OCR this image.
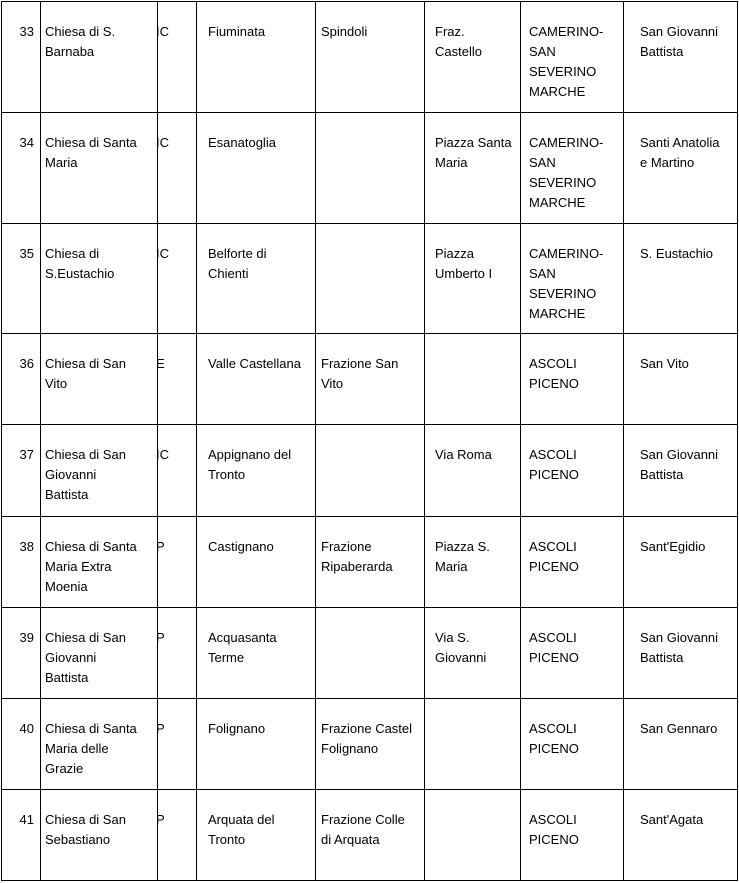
33	Chiesa di S.
Barnaba	IC	Fiuminata	Spindoli	Fraz.
Castello	CAMERINO-
SAN
SEVERINO
MARCHE	San Giovanni
Battista
34	Chiesa di Santa
Maria	IC	Esanatoglia		Piazza Santa
Maria	CAMERINO-
SAN
SEVERINO
MARCHE	Santi Anatolia
e Martino
35	Chiesa di
S.Eustachio	IC	Belforte di
Chienti		Piazza
Umberto I	CAMERINO-
SAN
SEVERINO
MARCHE	S. Eustachio
36	Chiesa di San
Vito	E	Valle Castellana	Frazione San
Vito		ASCOLI
PICENO	San Vito
37	Chiesa di San
Giovanni
Battista	IC	Appignano del
Tronto		Via Roma	ASCOLI
PICENO	San Giovanni
Battista
38	Chiesa di Santa
Maria Extra
Moenia	P	Castignano	Frazione
Ripaberarda	Piazza S.
Maria	ASCOLI
PICENO	Sant'Egidio
39	Chiesa di San
Giovanni
Battista	P	Acquasanta
Terme		Via S.
Giovanni	ASCOLI
PICENO	San Giovanni
Battista
40	Chiesa di Santa
Maria delle
Grazie	P	Folignano	Frazione Castel
Folignano		ASCOLI
PICENO	San Gennaro
41	Chiesa di San
Sebastiano	P	Arquata del
Tronto	Frazione Colle
di Arquata		ASCOLI
PICENO	Sant'Agata
